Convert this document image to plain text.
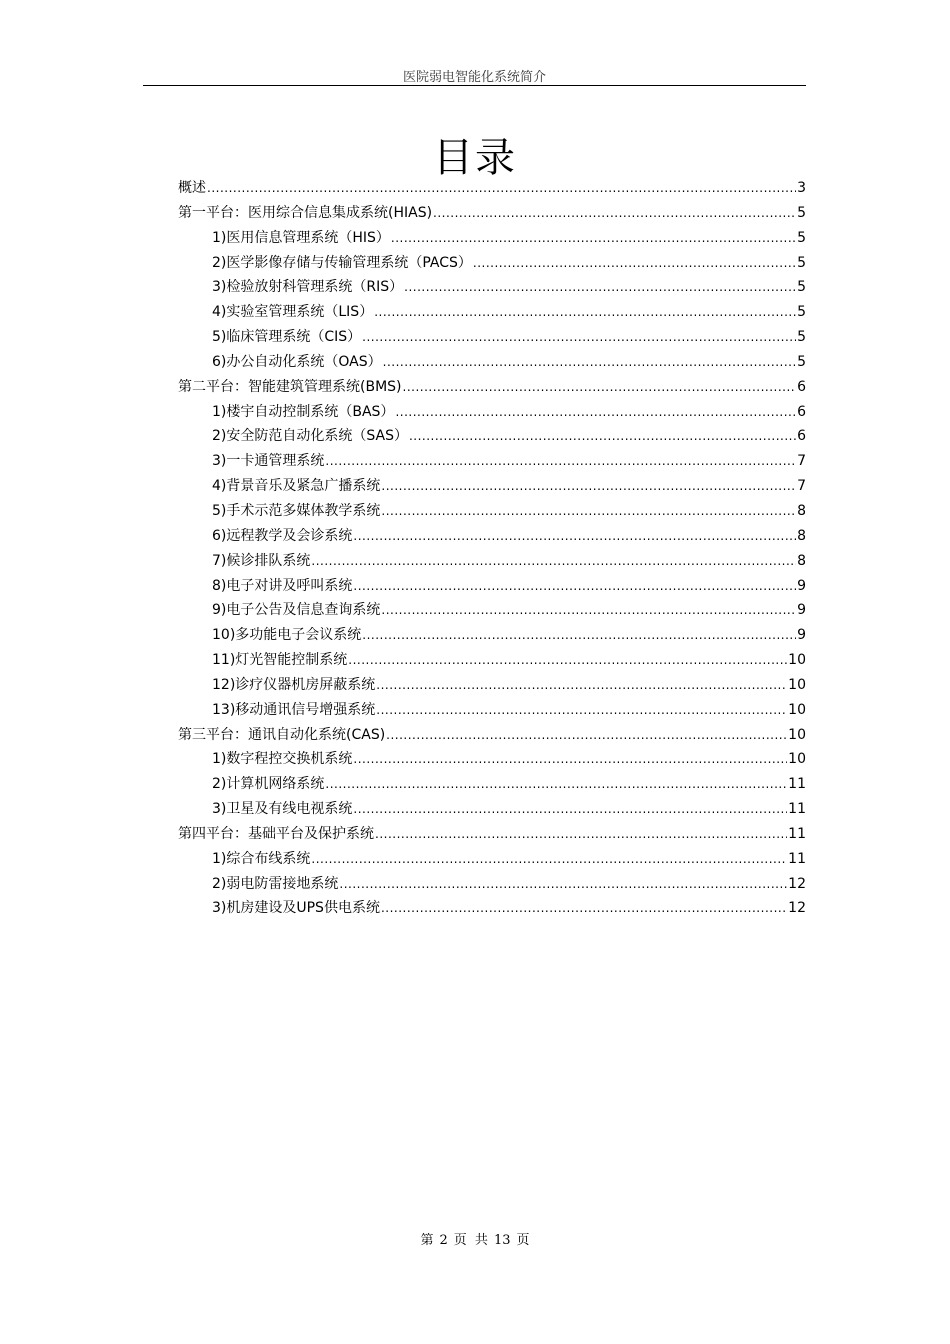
医院弱电智能化系统简介
目录
概述 .....	3
第一平台：医用综合信息集成系统(HIAS) .....	5
1) 医用信息管理系统（HIS） .....	5
2) 医学影像存储与传输管理系统（PACS） .....	5
3) 检验放射科管理系统（RIS） .....	5
4) 实验室管理系统（LIS） .....	5
5) 临床管理系统（CIS） .....	5
6) 办公自动化系统（OAS） .....	5
第二平台：智能建筑管理系统(BMS) .....	6
1)楼宇自动控制系统（BAS） .....	6
2)安全防范自动化系统（SAS） .....	6
3)一卡通管理系统 .....	7
4)背景音乐及紧急广播系统 .....	7
5)手术示范多媒体教学系统 .....	8
6)远程教学及会诊系统 .....	8
7)候诊排队系统 .....	8
8)电子对讲及呼叫系统 .....	9
9)电子公告及信息查询系统 .....	9
10)多功能电子会议系统 .....	9
11)灯光智能控制系统 .....	10
12)诊疗仪器机房屏蔽系统 .....	10
13)移动通讯信号增强系统 .....	10
第三平台：通讯自动化系统(CAS) .....	10
1)数字程控交换机系统 .....	10
2)计算机网络系统 .....	11
3)卫星及有线电视系统 .....	11
第四平台：基础平台及保护系统 .....	11
1)综合布线系统 .....	11
2)弱电防雷接地系统 .....	12
3)机房建设及UPS供电系统 .....	12
第 2 页 共 13 页
